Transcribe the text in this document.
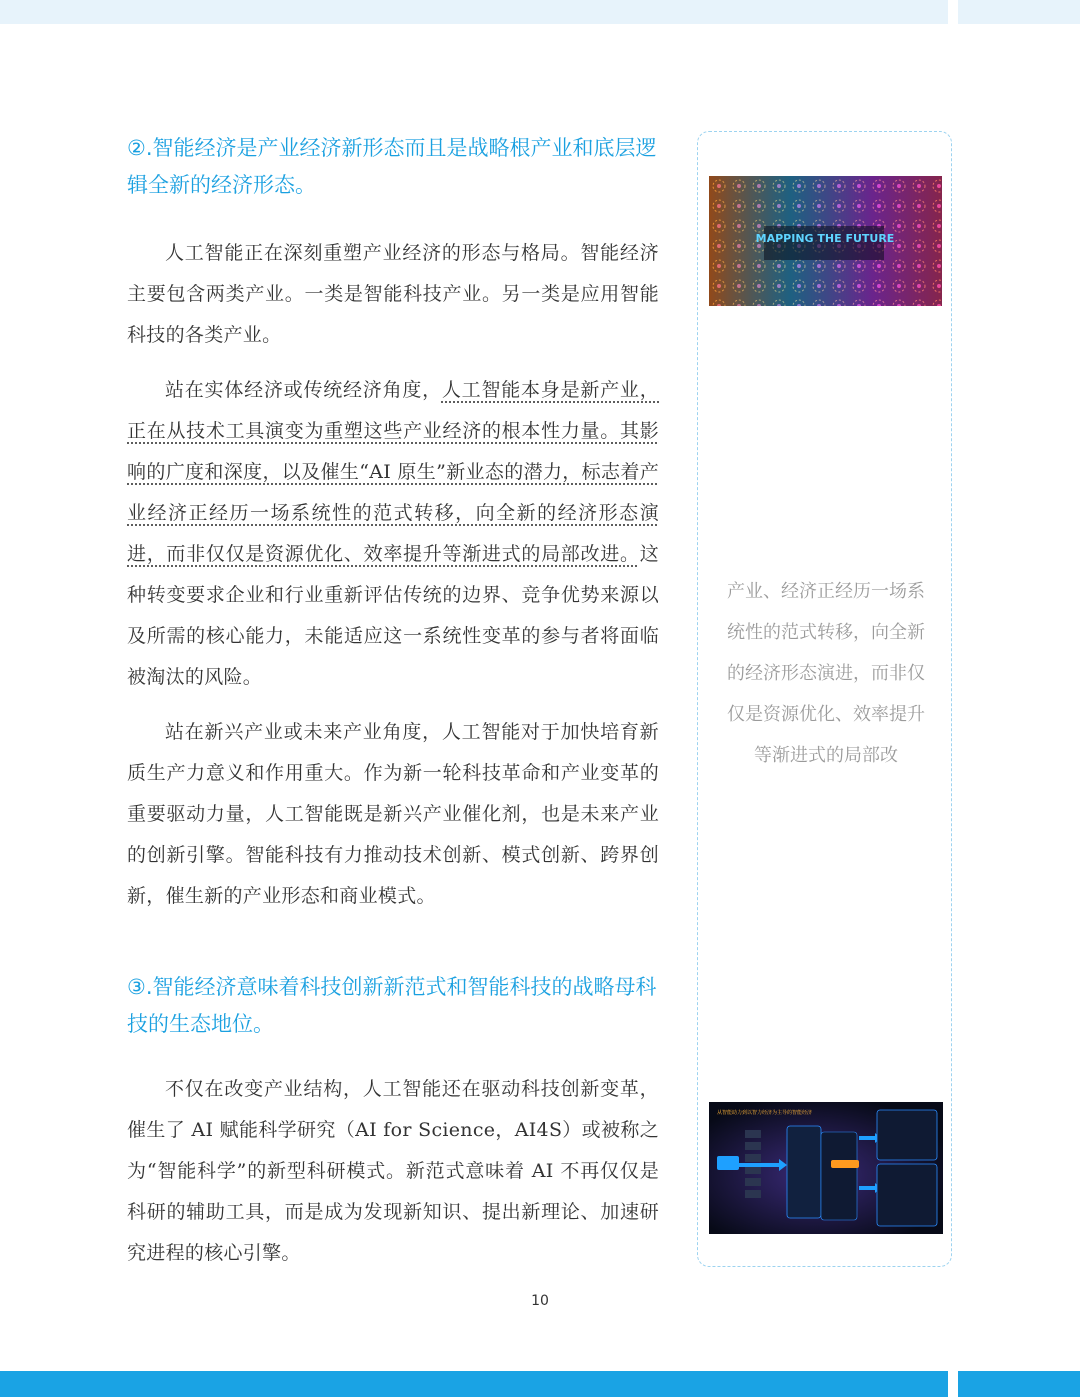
②.智能经济是产业经济新形态而且是战略根产业和底层逻辑全新的经济形态。

人工智能正在深刻重塑产业经济的形态与格局。智能经济主要包含两类产业。一类是智能科技产业。另一类是应用智能科技的各类产业。

站在实体经济或传统经济角度，人工智能本身是新产业，正在从技术工具演变为重塑这些产业经济的根本性力量。其影响的广度和深度，以及催生“AI 原生”新业态的潜力，标志着产业经济正经历一场系统性的范式转移，向全新的经济形态演进，而非仅仅是资源优化、效率提升等渐进式的局部改进。这种转变要求企业和行业重新评估传统的边界、竞争优势来源以及所需的核心能力，未能适应这一系统性变革的参与者将面临被淘汰的风险。

站在新兴产业或未来产业角度，人工智能对于加快培育新质生产力意义和作用重大。作为新一轮科技革命和产业变革的重要驱动力量，人工智能既是新兴产业催化剂，也是未来产业的创新引擎。智能科技有力推动技术创新、模式创新、跨界创新，催生新的产业形态和商业模式。

③.智能经济意味着科技创新新范式和智能科技的战略母科技的生态地位。

不仅在改变产业结构，人工智能还在驱动科技创新变革，催生了 AI 赋能科学研究（AI for Science，AI4S）或被称之为“智能科学”的新型科研模式。新范式意味着 AI 不再仅仅是科研的辅助工具，而是成为发现新知识、提出新理论、加速研究进程的核心引擎。

MAPPING THE FUTURE

产业、经济正经历一场系统性的范式转移，向全新的经济形态演进，而非仅仅是资源优化、效率提升等渐进式的局部改

从智能助力到以智力经济为主导的智能经济
10
